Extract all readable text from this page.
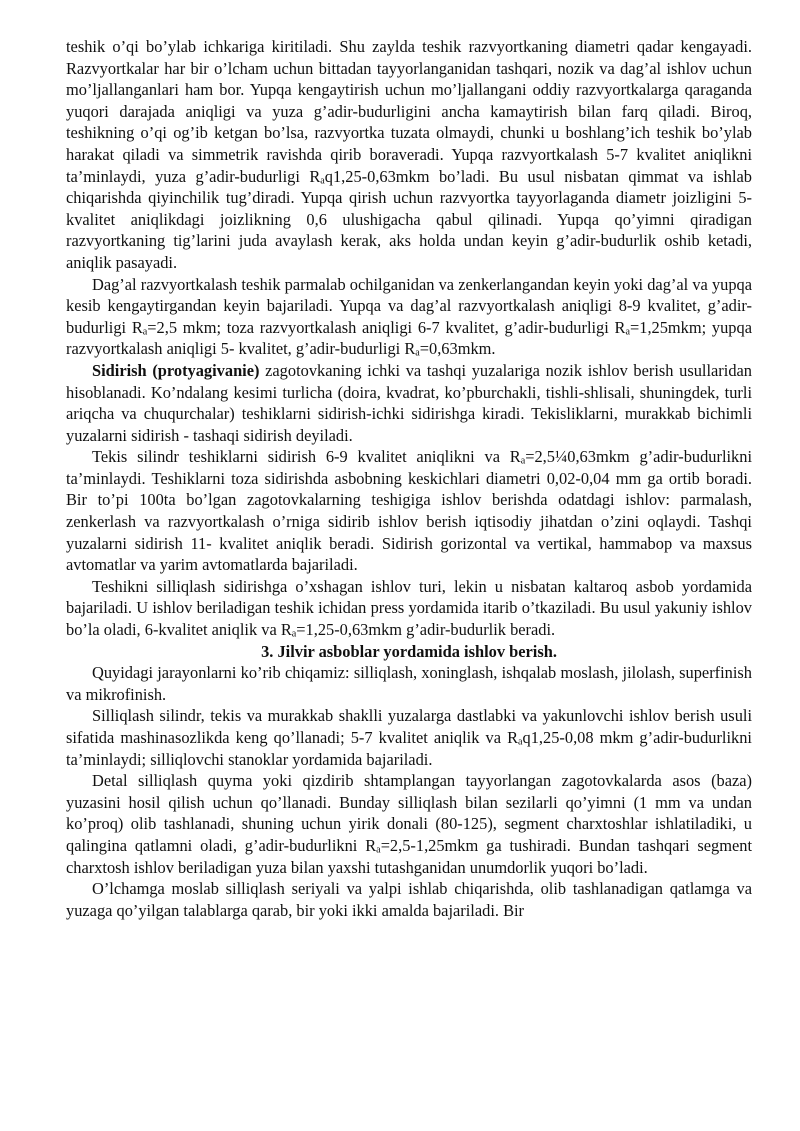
teshik o’qi bo’ylab ichkariga kiritiladi. Shu zaylda teshik razvyortkaning diametri qadar kengayadi. Razvyortkalar har bir o’lcham uchun bittadan tayyorlanganidan tashqari, nozik va dag’al ishlov uchun mo’ljallanganlari ham bor. Yupqa kengaytirish uchun mo’ljallangani oddiy razvyortkalarga qaraganda yuqori darajada aniqligi va yuza g’adir-budurligini ancha kamaytirish bilan farq qiladi. Biroq, teshikning o’qi og’ib ketgan bo’lsa, razvyortka tuzata olmaydi, chunki u boshlang’ich teshik bo’ylab harakat qiladi va simmetrik ravishda qirib boraveradi. Yupqa razvyortkalash 5-7 kvalitet aniqlikni ta’minlaydi, yuza g’adir-budurligi $R_aq1,25-0,63mkm$ bo’ladi. Bu usul nisbatan qimmat va ishlab chiqarishda qiyinchilik tug’diradi. Yupqa qirish uchun razvyortka tayyorlaganda diametr joizligini 5-kvalitet aniqlikdagi joizlikning 0,6 ulushigacha qabul qilinadi. Yupqa qo’yimni qiradigan razvyortkaning tig’larini juda avaylash kerak, aks holda undan keyin g’adir-budurlik oshib ketadi, aniqlik pasayadi.

Dag’al razvyortkalash teshik parmalab ochilganidan va zenkerlangandan keyin yoki dag’al va yupqa kesib kengaytirgandan keyin bajariladi. Yupqa va dag’al razvyortkalash aniqligi 8-9 kvalitet, g’adir-budurligi $R_a=2,5$ mkm; toza razvyortkalash aniqligi 6-7 kvalitet, g’adir-budurligi $R_a=1,25mkm$; yupqa razvyortkalash aniqligi 5- kvalitet, g’adir-budurligi $R_a=0,63mkm$.

Sidirish (protyagivanie) zagotovkaning ichki va tashqi yuzalariga nozik ishlov berish usullaridan hisoblanadi. Ko’ndalang kesimi turlicha (doira, kvadrat, ko’pburchakli, tishli-shlisali, shuningdek, turli ariqcha va chuqurchalar) teshiklarni sidirish-ichki sidirishga kiradi. Tekisliklarni, murakkab bichimli yuzalarni sidirish - tashaqi sidirish deyiladi.

Tekis silindr teshiklarni sidirish 6-9 kvalitet aniqlikni va $R_a=2,5\frac{1}{4}0,63mkm$ g’adir-budurlikni ta’minlaydi. Teshiklarni toza sidirishda asbobning keskichlari diametri 0,02-0,04 mm ga ortib boradi. Bir to’pi 100ta bo’lgan zagotovkalarning teshigiga ishlov berishda odatdagi ishlov: parmalash, zenkerlash va razvyortkalash o’rniga sidirib ishlov berish iqtisodiy jihatdan o’zini oqlaydi. Tashqi yuzalarni sidirish 11- kvalitet aniqlik beradi. Sidirish gorizontal va vertikal, hammabop va maxsus avtomatlar va yarim avtomatlarda bajariladi.

Teshikni silliqlash sidirishga o’xshagan ishlov turi, lekin u nisbatan kaltaroq asbob yordamida bajariladi. U ishlov beriladigan teshik ichidan press yordamida itarib o’tkaziladi. Bu usul yakuniy ishlov bo’la oladi, 6-kvalitet aniqlik va $R_a=1,25-0,63mkm$ g’adir-budurlik beradi.

3. Jilvir asboblar yordamida ishlov berish.

Quyidagi jarayonlarni ko’rib chiqamiz: silliqlash, xoninglash, ishqalab moslash, jilolash, superfinish va mikrofinish.

Silliqlash silindr, tekis va murakkab shaklli yuzalarga dastlabki va yakunlovchi ishlov berish usuli sifatida mashinasozlikda keng qo’llanadi; 5-7 kvalitet aniqlik va $R_aq1,25-0,08$ mkm g’adir-budurlikni ta’minlaydi; silliqlovchi stanoklar yordamida bajariladi.

Detal silliqlash quyma yoki qizdirib shtamplangan tayyorlangan zagotovkalarda asos (baza) yuzasini hosil qilish uchun qo’llanadi. Bunday silliqlash bilan sezilarli qo’yimni (1 mm va undan ko’proq) olib tashlanadi, shuning uchun yirik donali (80-125), segment charxtoshlar ishlatiladiki, u qalingina qatlamni oladi, g’adir-budurlikni $R_a=2,5-1,25mkm$ ga tushiradi. Bundan tashqari segment charxtosh ishlov beriladigan yuza bilan yaxshi tutashganidan unumdorlik yuqori bo’ladi.

O’lchamga moslab silliqlash seriyali va yalpi ishlab chiqarishda, olib tashlanadigan qatlamga va yuzaga qo’yilgan talablarga qarab, bir yoki ikki amalda bajariladi. Bir
